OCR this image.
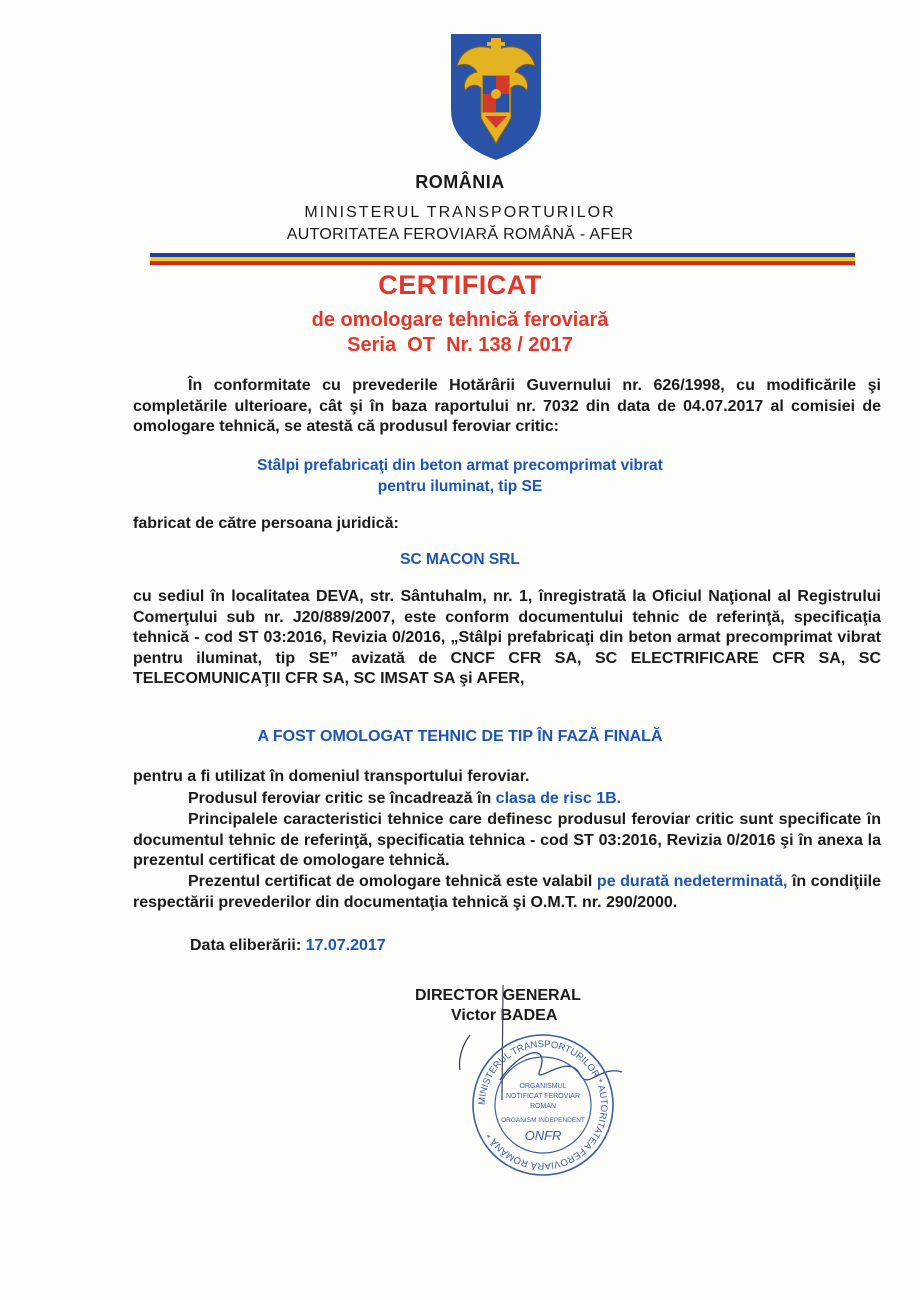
ROMÂNIA
MINISTERUL TRANSPORTURILOR
AUTORITATEA FEROVIARĂ ROMÂNĂ - AFER
CERTIFICAT
de omologare tehnică feroviară
Seria  OT  Nr. 138 / 2017
În conformitate cu prevederile Hotărârii Guvernului nr. 626/1998, cu modificările şi completările ulterioare, cât şi în baza raportului nr. 7032 din data de 04.07.2017 al comisiei de omologare tehnică, se atestă că produsul feroviar critic:
Stâlpi prefabricaţi din beton armat precomprimat vibrat
pentru iluminat, tip SE
fabricat de către persoana juridică:
SC MACON SRL
cu sediul în localitatea DEVA, str. Sântuhalm, nr. 1, înregistrată la Oficiul Naţional al Registrului Comerţului sub nr. J20/889/2007, este conform documentului tehnic de referinţă, specificaţia tehnică - cod ST 03:2016, Revizia 0/2016, „Stâlpi prefabricaţi din beton armat precomprimat vibrat pentru iluminat, tip SE” avizată de CNCF CFR SA, SC ELECTRIFICARE CFR SA, SC TELECOMUNICAŢII CFR SA, SC IMSAT SA şi AFER,
A FOST OMOLOGAT TEHNIC DE TIP ÎN FAZĂ FINALĂ
pentru a fi utilizat în domeniul transportului feroviar.
Produsul feroviar critic se încadrează în clasa de risc 1B.
Principalele caracteristici tehnice care definesc produsul feroviar critic sunt specificate în documentul tehnic de referinţă, specificatia tehnica - cod ST 03:2016, Revizia 0/2016 şi în anexa la prezentul certificat de omologare tehnică.
Prezentul certificat de omologare tehnică este valabil pe durată nedeterminată, în condiţiile respectării prevederilor din documentaţia tehnică şi O.M.T. nr. 290/2000.
Data eliberării: 17.07.2017
DIRECTOR GENERAL
Victor BADEA
MINISTERUL TRANSPORTURILOR * AUTORITATEA FEROVIARĂ ROMÂNĂ *
ORGANISMUL
NOTIFICAT FEROVIAR
ROMAN
ORGANISM INDEPENDENT
ONFR
